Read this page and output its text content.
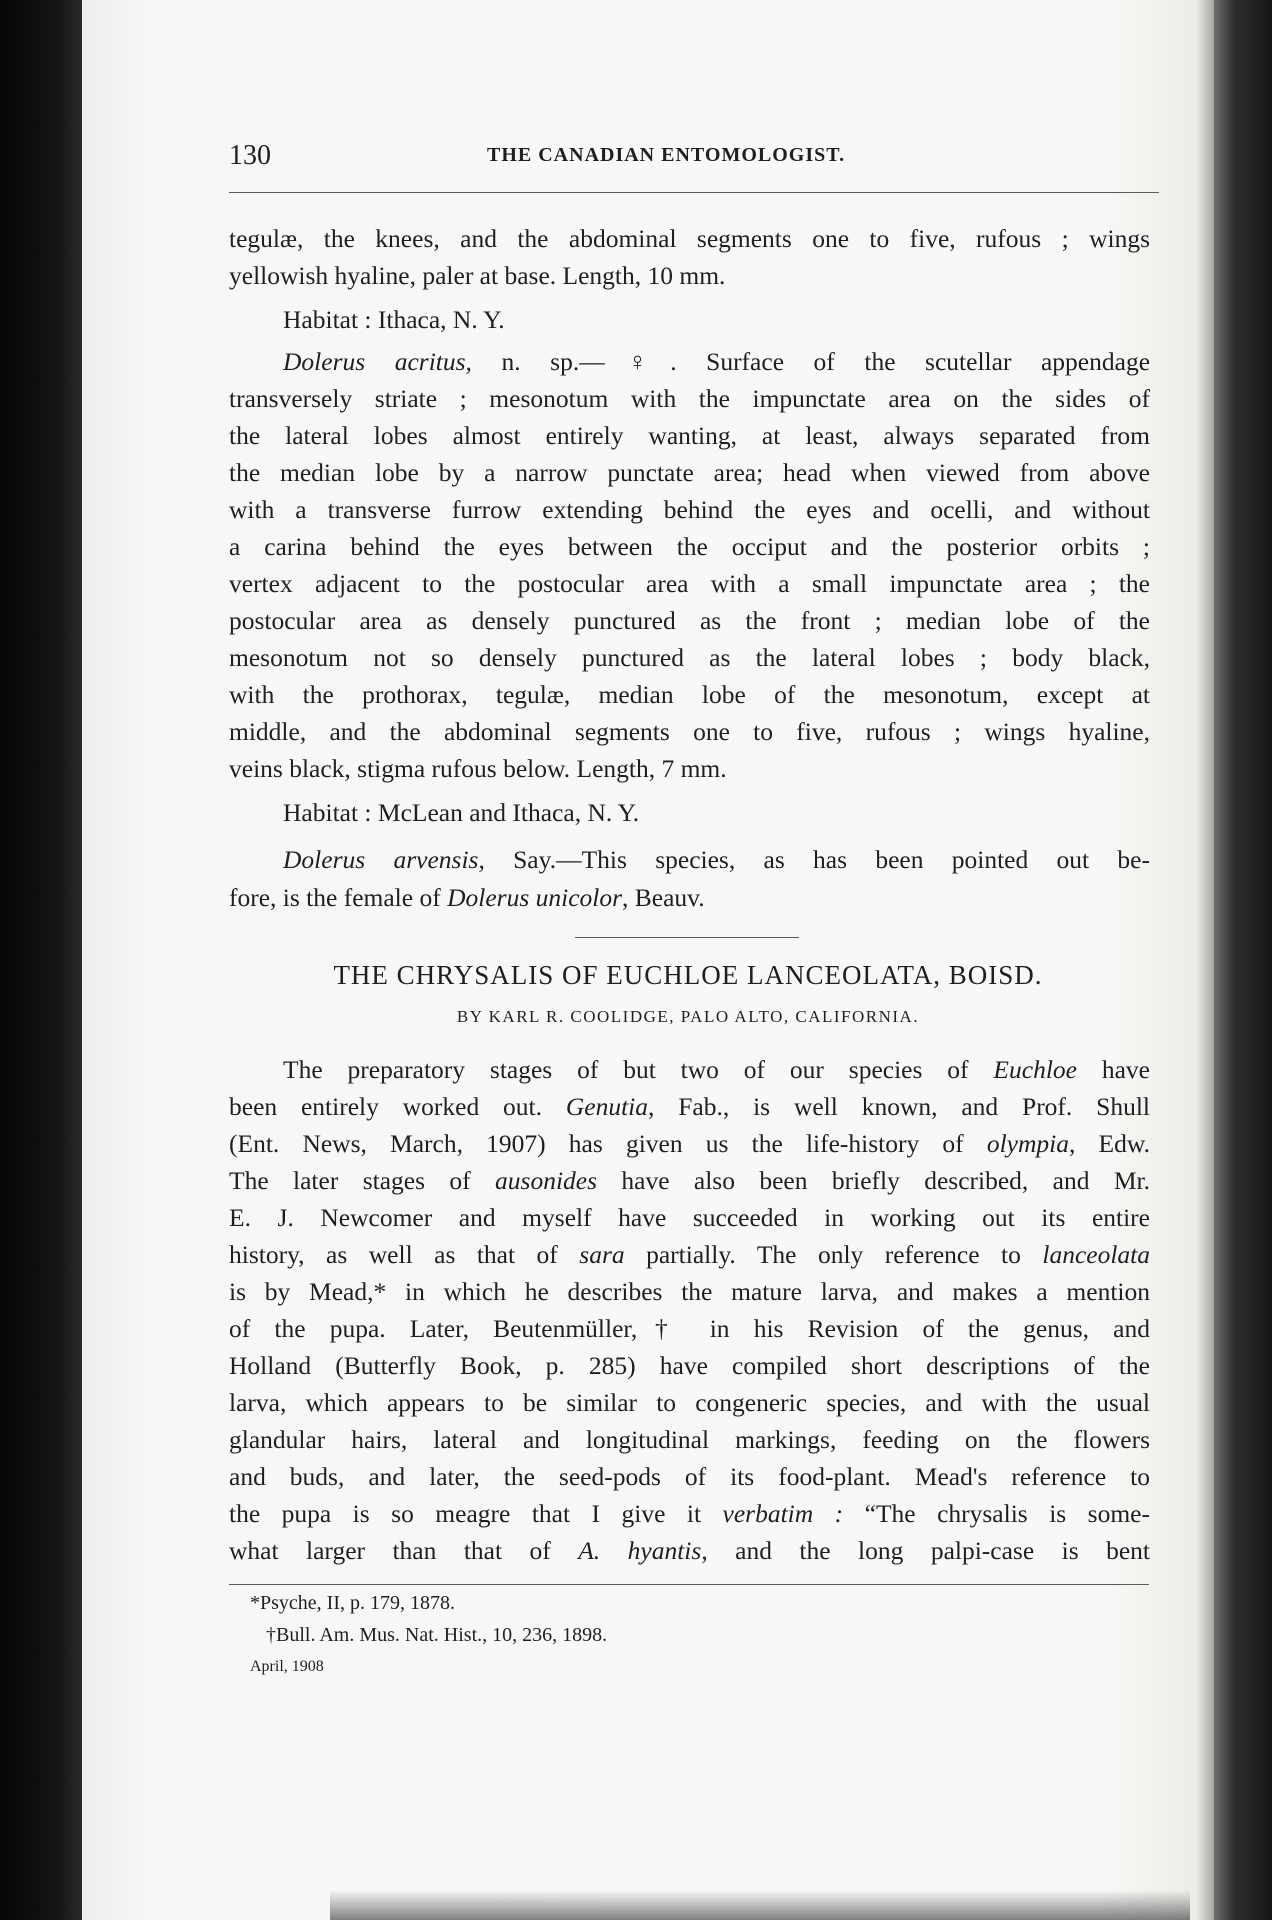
130	THE CANADIAN ENTOMOLOGIST.
tegulæ, the knees, and the abdominal segments one to five, rufous ; wings
yellowish hyaline, paler at base. Length, 10 mm.
Habitat : Ithaca, N. Y.
Dolerus acritus, n. sp.—♀. Surface of the scutellar appendage
transversely striate ; mesonotum with the impunctate area on the sides of
the lateral lobes almost entirely wanting, at least, always separated from
the median lobe by a narrow punctate area; head when viewed from above
with a transverse furrow extending behind the eyes and ocelli, and without
a carina behind the eyes between the occiput and the posterior orbits ;
vertex adjacent to the postocular area with a small impunctate area ; the
postocular area as densely punctured as the front ; median lobe of the
mesonotum not so densely punctured as the lateral lobes ; body black,
with the prothorax, tegulæ, median lobe of the mesonotum, except at
middle, and the abdominal segments one to five, rufous ; wings hyaline,
veins black, stigma rufous below. Length, 7 mm.
Habitat : McLean and Ithaca, N. Y.
Dolerus arvensis, Say.—This species, as has been pointed out be-
fore, is the female of Dolerus unicolor, Beauv.
THE CHRYSALIS OF EUCHLOE LANCEOLATA, BOISD.
BY KARL R. COOLIDGE, PALO ALTO, CALIFORNIA.
The preparatory stages of but two of our species of Euchloe have
been entirely worked out. Genutia, Fab., is well known, and Prof. Shull
(Ent. News, March, 1907) has given us the life-history of olympia, Edw.
The later stages of ausonides have also been briefly described, and Mr.
E. J. Newcomer and myself have succeeded in working out its entire
history, as well as that of sara partially. The only reference to lanceolata
is by Mead,* in which he describes the mature larva, and makes a mention
of the pupa. Later, Beutenmüller,† in his Revision of the genus, and
Holland (Butterfly Book, p. 285) have compiled short descriptions of the
larva, which appears to be similar to congeneric species, and with the usual
glandular hairs, lateral and longitudinal markings, feeding on the flowers
and buds, and later, the seed-pods of its food-plant. Mead's reference to
the pupa is so meagre that I give it verbatim : “The chrysalis is some-
what larger than that of A. hyantis, and the long palpi-case is bent
*Psyche, II, p. 179, 1878.
†Bull. Am. Mus. Nat. Hist., 10, 236, 1898.
April, 1908
